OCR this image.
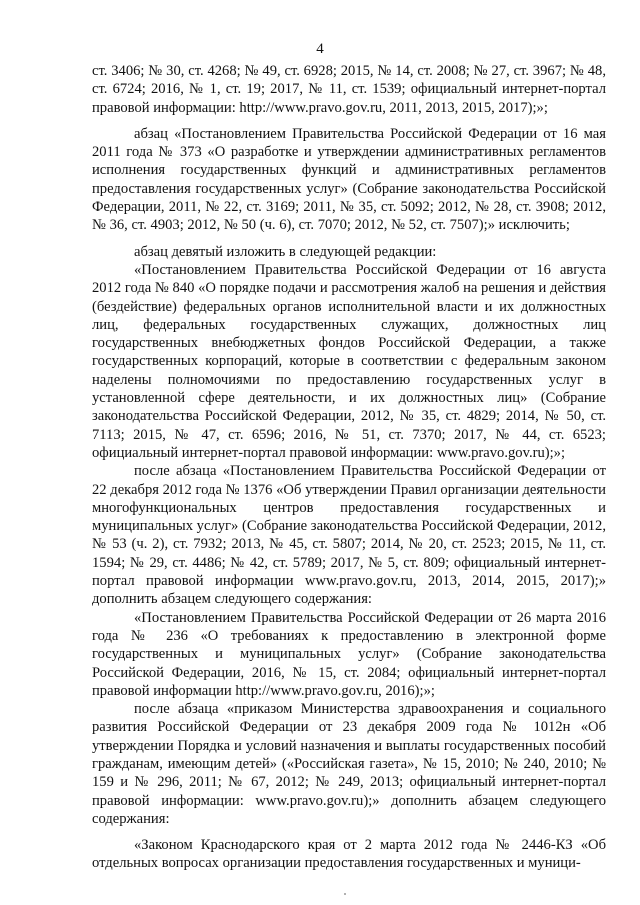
4

ст. 3406; № 30, ст. 4268; № 49, ст. 6928; 2015, № 14, ст. 2008; № 27, ст. 3967; № 48, ст. 6724; 2016, № 1, ст. 19; 2017, № 11, ст. 1539; официальный интернет-портал правовой информации: http://www.pravo.gov.ru, 2011, 2013, 2015, 2017);»;

абзац «Постановлением Правительства Российской Федерации от 16 мая 2011 года № 373 «О разработке и утверждении административных регламентов исполнения государственных функций и административных регламентов предоставления государственных услуг» (Собрание законодательства Российской Федерации, 2011, № 22, ст. 3169; 2011, № 35, ст. 5092; 2012, № 28, ст. 3908; 2012, № 36, ст. 4903; 2012, № 50 (ч. 6), ст. 7070; 2012, № 52, ст. 7507);» исключить;

абзац девятый изложить в следующей редакции:

«Постановлением Правительства Российской Федерации от 16 августа 2012 года № 840 «О порядке подачи и рассмотрения жалоб на решения и действия (бездействие) федеральных органов исполнительной власти и их должностных лиц, федеральных государственных служащих, должностных лиц государственных внебюджетных фондов Российской Федерации, а также государственных корпораций, которые в соответствии с федеральным законом наделены полномочиями по предоставлению государственных услуг в установленной сфере деятельности, и их должностных лиц» (Собрание законодательства Российской Федерации, 2012, № 35, ст. 4829; 2014, № 50, ст. 7113; 2015, № 47, ст. 6596; 2016, № 51, ст. 7370; 2017, № 44, ст. 6523; официальный интернет-портал правовой информации: www.pravo.gov.ru);»;

после абзаца «Постановлением Правительства Российской Федерации от 22 декабря 2012 года № 1376 «Об утверждении Правил организации деятельности многофункциональных центров предоставления государственных и муниципальных услуг» (Собрание законодательства Российской Федерации, 2012, № 53 (ч. 2), ст. 7932; 2013, № 45, ст. 5807; 2014, № 20, ст. 2523; 2015, № 11, ст. 1594; № 29, ст. 4486; № 42, ст. 5789; 2017, № 5, ст. 809; официальный интернет-портал правовой информации www.pravo.gov.ru, 2013, 2014, 2015, 2017);» дополнить абзацем следующего содержания:

«Постановлением Правительства Российской Федерации от 26 марта 2016 года № 236 «О требованиях к предоставлению в электронной форме государственных и муниципальных услуг» (Собрание законодательства Российской Федерации, 2016, № 15, ст. 2084; официальный интернет-портал правовой информации http://www.pravo.gov.ru, 2016);»;

после абзаца «приказом Министерства здравоохранения и социального развития Российской Федерации от 23 декабря 2009 года № 1012н «Об утверждении Порядка и условий назначения и выплаты государственных пособий гражданам, имеющим детей» («Российская газета», № 15, 2010; № 240, 2010; № 159 и № 296, 2011; № 67, 2012; № 249, 2013; официальный интернет-портал правовой информации: www.pravo.gov.ru);» дополнить абзацем следующего содержания:

«Законом Краснодарского края от 2 марта 2012 года № 2446-КЗ «Об отдельных вопросах организации предоставления государственных и муници-
